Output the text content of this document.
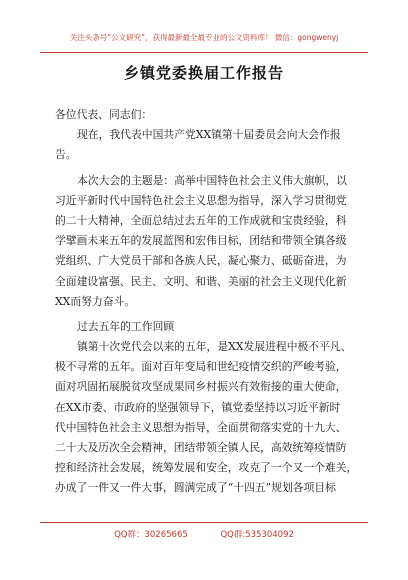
关注头条号“公文研究”，获得最新最全最专业的公文资料库！ 微信：gongwenyj
乡镇党委换届工作报告
各位代表、同志们：
现在，我代表中国共产党XX镇第十届委员会向大会作报
告。
本次大会的主题是：高举中国特色社会主义伟大旗帜，以
习近平新时代中国特色社会主义思想为指导，深入学习贯彻党
的二十大精神，全面总结过去五年的工作成就和宝贵经验，科
学擘画未来五年的发展蓝图和宏伟目标，团结和带领全镇各级
党组织、广大党员干部和各族人民，凝心聚力、砥砺奋进，为
全面建设富强、民主、文明、和谐、美丽的社会主义现代化新
XX而努力奋斗。
过去五年的工作回顾
镇第十次党代会以来的五年，是XX发展进程中极不平凡、
极不寻常的五年。面对百年变局和世纪疫情交织的严峻考验，
面对巩固拓展脱贫攻坚成果同乡村振兴有效衔接的重大使命，
在XX市委、市政府的坚强领导下，镇党委坚持以习近平新时
代中国特色社会主义思想为指导，全面贯彻落实党的十九大、
二十大及历次全会精神，团结带领全镇人民，高效统筹疫情防
控和经济社会发展，统筹发展和安全，攻克了一个又一个难关，
办成了一件又一件大事，圆满完成了“十四五”规划各项目标
QQ群：30265665	QQ群:535304092
